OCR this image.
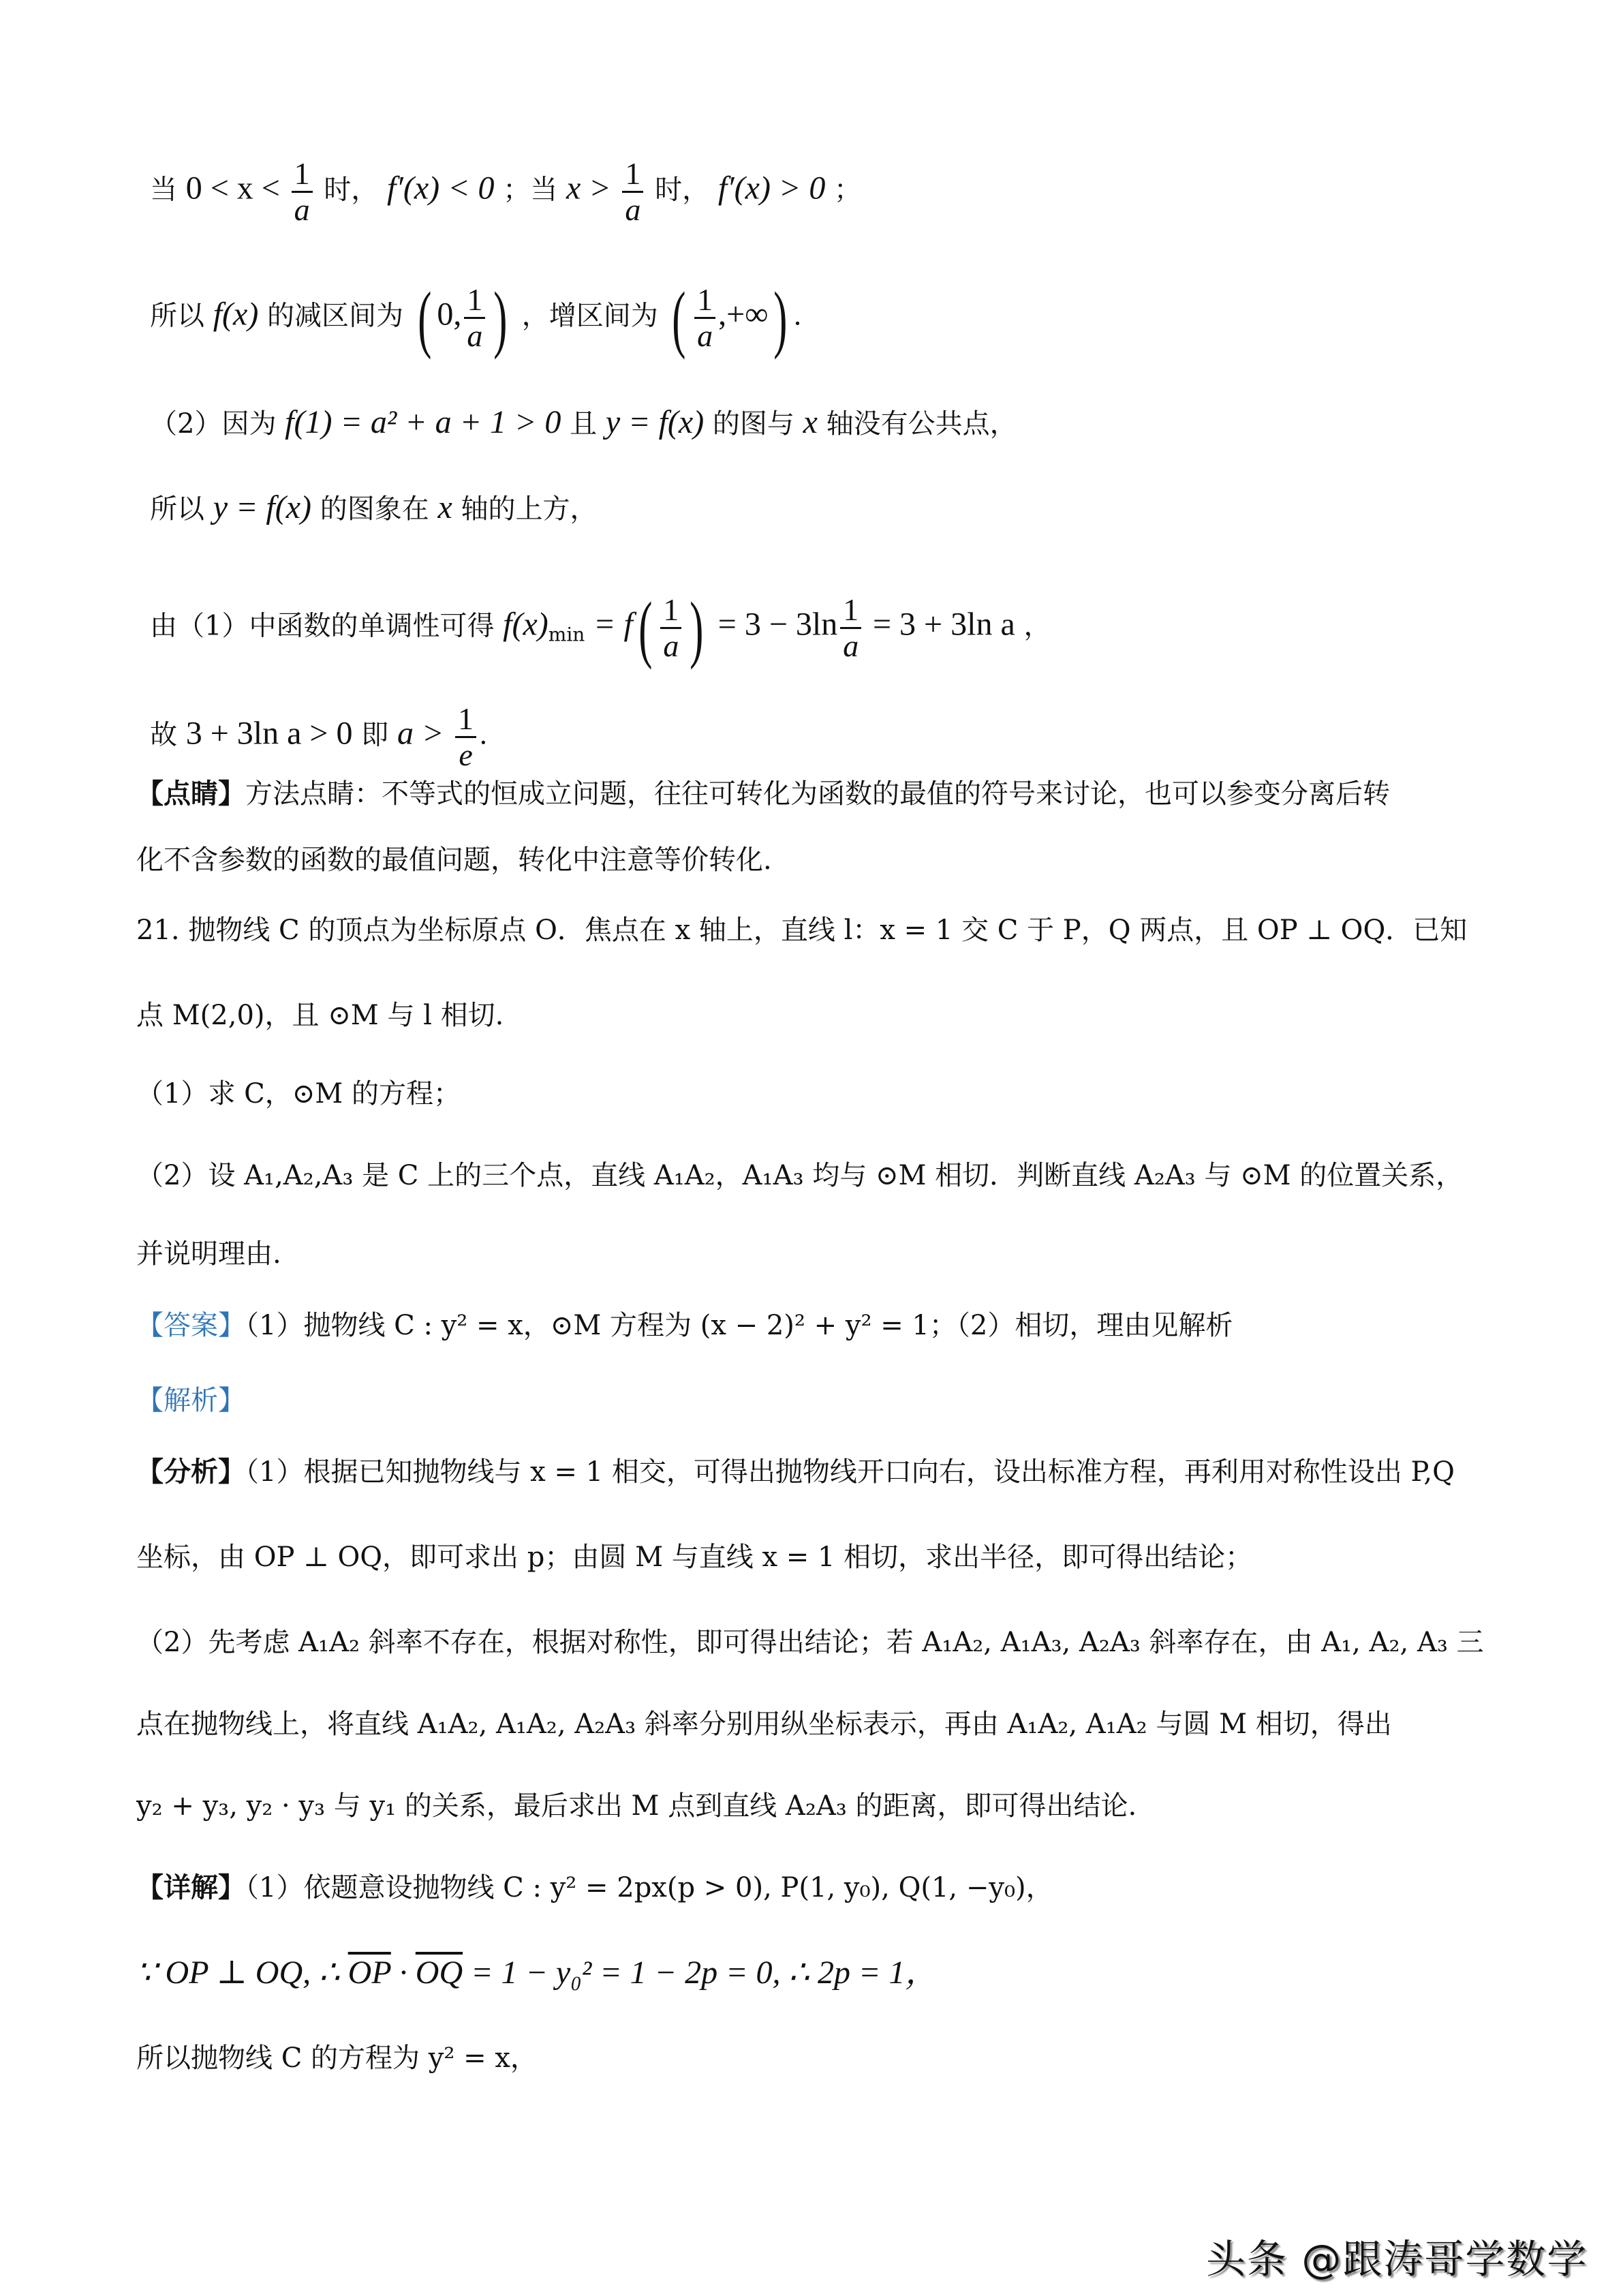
当 $0 < x < \frac{1}{a}$ 时， f′(x) < 0 ；当 $x > \frac{1}{a}$ 时， f′(x) > 0 ；
所以 f(x) 的减区间为 ( 0, $\frac{1}{a}$ ) ，增区间为 ( $\frac{1}{a}$ ,+∞) .
（2）因为 f(1) = a² + a + 1 > 0 且 y = f(x) 的图与 x 轴没有公共点，
所以 y = f(x) 的图象在 x 轴的上方，
由（1）中函数的单调性可得 $f(x)_{min} = f( \frac{1}{a}$ ) = $3 - 3\ln \frac{1}{a} = 3 + 3\ln$ a ，
故 3 + 3ln a > 0 即 $a > \frac{1}{e}$ .
【点睛】方法点睛：不等式的恒成立问题，往往可转化为函数的最值的符号来讨论，也可以参变分离后转
化不含参数的函数的最值问题，转化中注意等价转化.
21. 抛物线 C 的顶点为坐标原点 O．焦点在 x 轴上，直线 l：x = 1 交 C 于 P，Q 两点，且 OP ⊥ OQ．已知
点 M(2,0)，且 ⊙M 与 l 相切.
（1）求 C，⊙M 的方程；
（2）设 A₁,A₂,A₃ 是 C 上的三个点，直线 A₁A₂，A₁A₃ 均与 ⊙M 相切．判断直线 A₂A₃ 与 ⊙M 的位置关系，
并说明理由.
【答案】（1）抛物线 C : y² = x，⊙M 方程为 (x − 2)² + y² = 1；（2）相切，理由见解析
【解析】
【分析】（1）根据已知抛物线与 x = 1 相交，可得出抛物线开口向右，设出标准方程，再利用对称性设出 P,Q
坐标，由 OP ⊥ OQ，即可求出 p；由圆 M 与直线 x = 1 相切，求出半径，即可得出结论；
（2）先考虑 A₁A₂ 斜率不存在，根据对称性，即可得出结论；若 A₁A₂, A₁A₃, A₂A₃ 斜率存在，由 A₁, A₂, A₃ 三
点在抛物线上，将直线 A₁A₂, A₁A₂, A₂A₃ 斜率分别用纵坐标表示，再由 A₁A₂, A₁A₂ 与圆 M 相切，得出
y₂ + y₃, y₂ · y₃ 与 y₁ 的关系，最后求出 M 点到直线 A₂A₃ 的距离，即可得出结论.
【详解】（1）依题意设抛物线 C : y² = 2px(p > 0), P(1, y₀), Q(1, −y₀)，
∵ OP ⊥ OQ, ∴ $\overline{OP} \cdot \overline{OQ} = 1 - y_0^2 = 1 - 2p = 0$, ∴ 2p = 1，
所以抛物线 C 的方程为 y² = x，
头条 @跟涛哥学数学
